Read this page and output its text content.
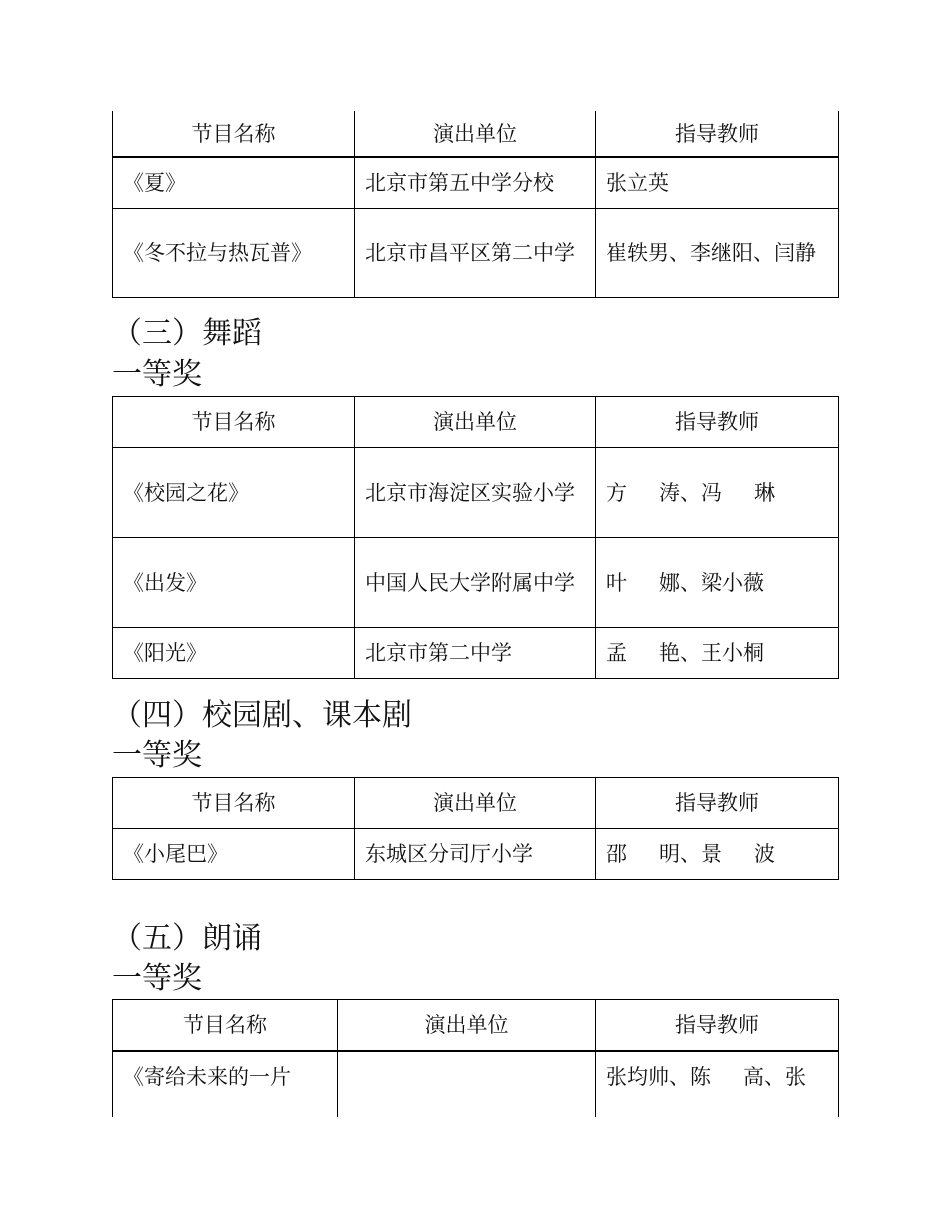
节目名称	演出单位	指导教师
《夏》	北京市第五中学分校	张立英
《冬不拉与热瓦普》	北京市昌平区第二中学	崔轶男、李继阳、闫静
（三）舞蹈
一等奖
节目名称	演出单位	指导教师
《校园之花》	北京市海淀区实验小学	方 涛、冯 琳
《出发》	中国人民大学附属中学	叶 娜、梁小薇
《阳光》	北京市第二中学	孟 艳、王小桐
（四）校园剧、课本剧
一等奖
节目名称	演出单位	指导教师
《小尾巴》	东城区分司厅小学	邵 明、景 波
（五）朗诵
一等奖
节目名称	演出单位	指导教师
《寄给未来的一片		张均帅、陈 高、张
